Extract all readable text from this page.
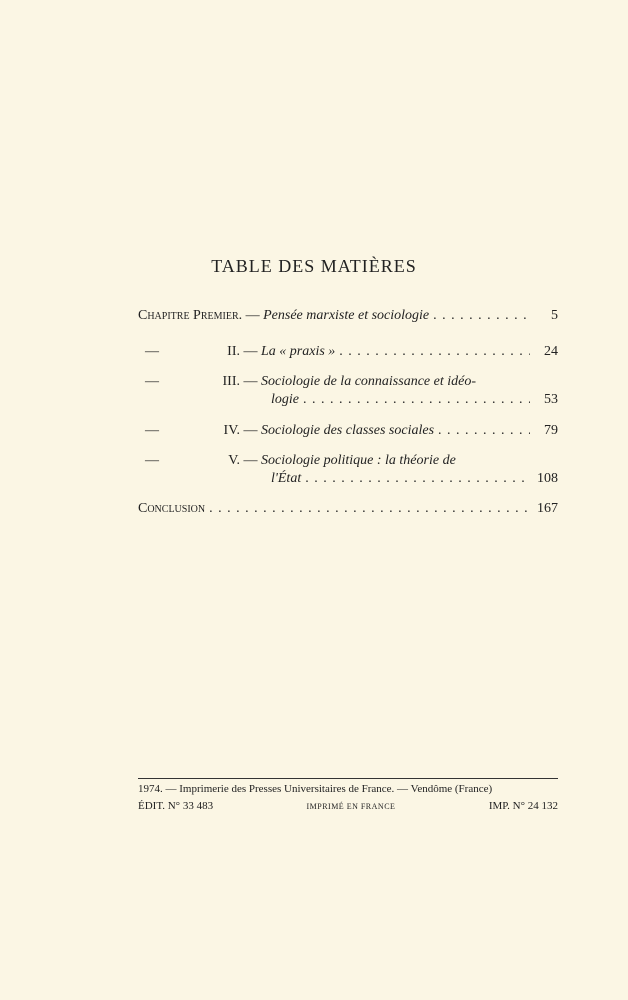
TABLE DES MATIÈRES
Chapitre Premier. — Pensée marxiste et sociologie . . .	5
—	II. — La « praxis » . . .	24
—	III. — Sociologie de la connaissance et idéo-
logie . . .	53
—	IV. — Sociologie des classes sociales . . .	79
—	V. — Sociologie politique : la théorie de
l'État . . .	108
Conclusion . . .	167
1974. — Imprimerie des Presses Universitaires de France. — Vendôme (France)
ÉDIT. N° 33 483	IMPRIMÉ EN FRANCE	IMP. N° 24 132
